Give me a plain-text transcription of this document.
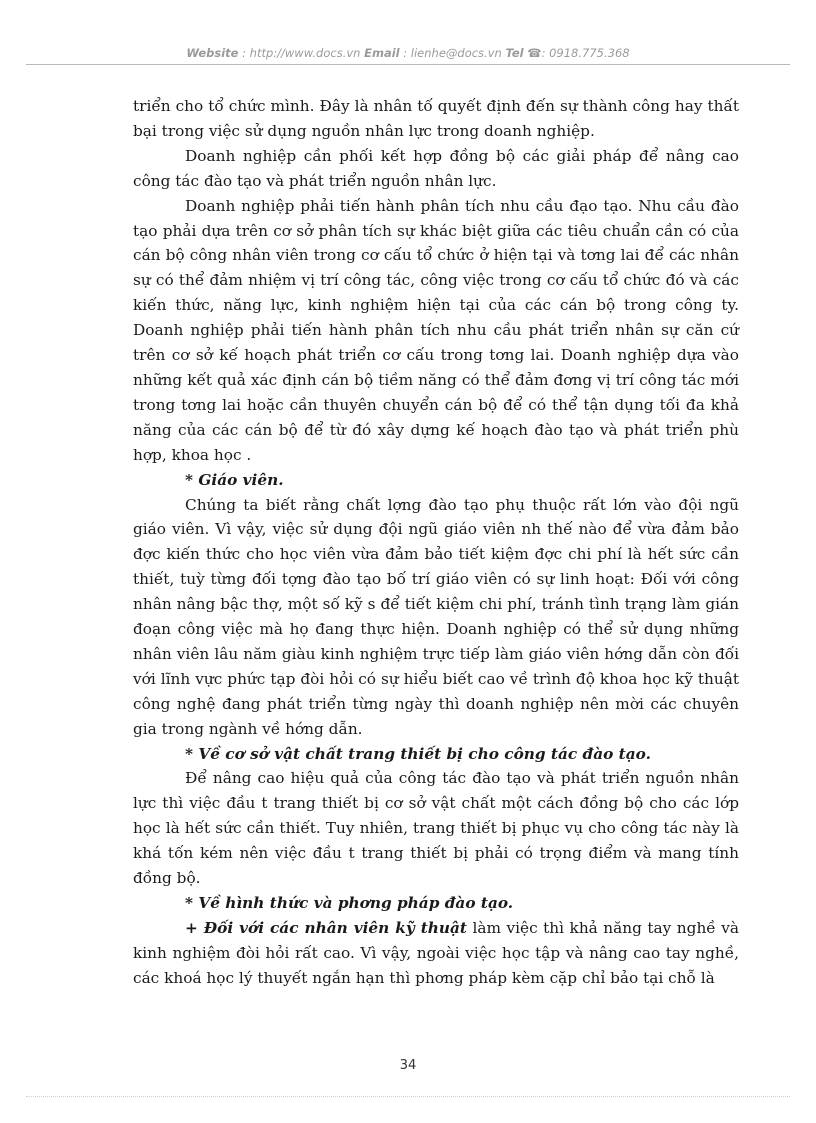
Website : http://www.docs.vn Email : lienhe@docs.vn Tel ☎: 0918.775.368

triển cho tổ chức mình. Đây là nhân tố quyết định đến sự thành công hay thất bại trong việc sử dụng nguồn nhân lực trong doanh nghiệp.

Doanh nghiệp cần phối kết hợp đồng bộ các giải pháp để nâng cao công tác đào tạo và phát triển nguồn nhân lực.

Doanh nghiệp phải tiến hành phân tích nhu cầu đạo tạo. Nhu cầu đào tạo phải dựa trên cơ sở phân tích sự khác biệt giữa các tiêu chuẩn cần có của cán bộ công nhân viên trong cơ cấu tổ chức ở hiện tại và tơng lai để các nhân sự có thể đảm nhiệm vị trí công tác, công việc trong cơ cấu tổ chức đó và các kiến thức, năng lực, kinh nghiệm hiện tại của các cán bộ trong công ty. Doanh nghiệp phải tiến hành phân tích nhu cầu phát triển nhân sự căn cứ trên cơ sở kế hoạch phát triển cơ cấu trong tơng lai. Doanh nghiệp dựa vào những kết quả xác định cán bộ tiềm năng có thể đảm đơng vị trí công tác mới trong tơng lai hoặc cần thuyên chuyển cán bộ để có thể tận dụng tối đa khả năng của các cán bộ để từ đó xây dựng kế hoạch đào tạo và phát triển phù hợp, khoa học .

* Giáo viên.

Chúng ta biết rằng chất lợng đào tạo phụ thuộc rất lớn vào đội ngũ giáo viên. Vì vậy, việc sử dụng đội ngũ giáo viên nh thế nào để vừa đảm bảo đợc kiến thức cho học viên vừa đảm bảo tiết kiệm đợc chi phí là hết sức cần thiết, tuỳ từng đối tợng đào tạo bố trí giáo viên có sự linh hoạt: Đối với công nhân nâng bậc thợ, một số kỹ s để tiết kiệm chi phí, tránh tình trạng làm gián đoạn công việc mà họ đang thực hiện. Doanh nghiệp có thể sử dụng những nhân viên lâu năm giàu kinh nghiệm trực tiếp làm giáo viên hớng dẫn còn đối với lĩnh vực phức tạp đòi hỏi có sự hiểu biết cao về trình độ khoa học kỹ thuật công nghệ đang phát triển từng ngày thì doanh nghiệp nên mời các chuyên gia trong ngành về hớng dẫn.

* Về cơ sở vật chất trang thiết bị cho công tác đào tạo.

Để nâng cao hiệu quả của công tác đào tạo và phát triển nguồn nhân lực thì việc đầu t trang thiết bị cơ sở vật chất một cách đồng bộ cho các lớp học là hết sức cần thiết. Tuy nhiên, trang thiết bị phục vụ cho công tác này là khá tốn kém nên việc đầu t trang thiết bị phải có trọng điểm và mang tính đồng bộ.

* Về hình thức và phơng pháp đào tạo.

+ Đối với các nhân viên kỹ thuật làm việc thì khả năng tay nghề và kinh nghiệm đòi hỏi rất cao. Vì vậy, ngoài việc học tập và nâng cao tay nghề, các khoá học lý thuyết ngắn hạn thì phơng pháp kèm cặp chỉ bảo tại chỗ là

34
